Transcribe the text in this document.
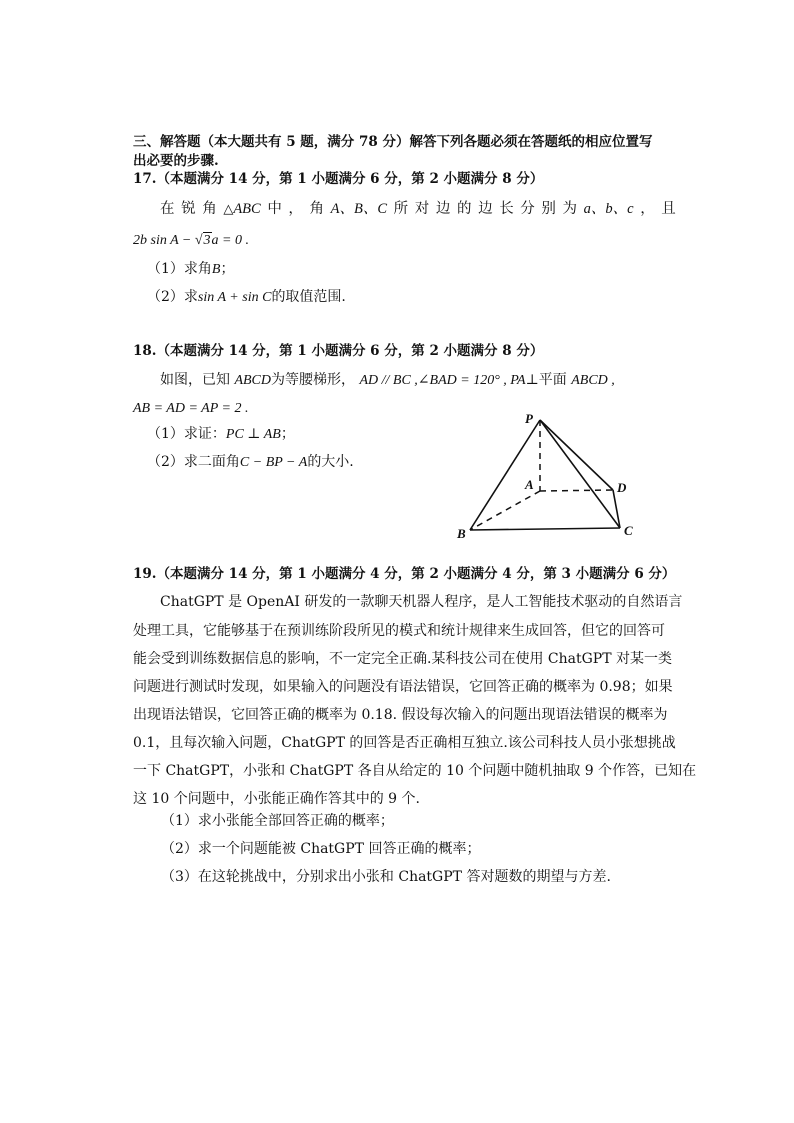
三、解答题（本大题共有 5 题，满分 78 分）解答下列各题必须在答题纸的相应位置写
出必要的步骤.
17.（本题满分 14 分，第 1 小题满分 6 分，第 2 小题满分 8 分）
在 锐 角 △ABC 中 ， 角 A、B、C 所 对 边 的 边 长 分 别 为 a、b、c ， 且
2b sin A − √3a = 0 .
（1）求角B；
（2）求sin A + sin C的取值范围.
18.（本题满分 14 分，第 1 小题满分 6 分，第 2 小题满分 8 分）
如图，已知 ABCD为等腰梯形， AD // BC ,∠BAD = 120° , PA⊥平面 ABCD ,
AB = AD = AP = 2 .
（1）求证：PC ⊥ AB；
（2）求二面角C − BP − A的大小.
P
A
B	C
D
19.（本题满分 14 分，第 1 小题满分 4 分，第 2 小题满分 4 分，第 3 小题满分 6 分）
ChatGPT 是 OpenAI 研发的一款聊天机器人程序，是人工智能技术驱动的自然语言
处理工具，它能够基于在预训练阶段所见的模式和统计规律来生成回答，但它的回答可
能会受到训练数据信息的影响，不一定完全正确.某科技公司在使用 ChatGPT 对某一类
问题进行测试时发现，如果输入的问题没有语法错误，它回答正确的概率为 0.98；如果
出现语法错误，它回答正确的概率为 0.18. 假设每次输入的问题出现语法错误的概率为
0.1，且每次输入问题，ChatGPT 的回答是否正确相互独立.该公司科技人员小张想挑战
一下 ChatGPT，小张和 ChatGPT 各自从给定的 10 个问题中随机抽取 9 个作答，已知在
这 10 个问题中，小张能正确作答其中的 9 个.
（1）求小张能全部回答正确的概率；
（2）求一个问题能被 ChatGPT 回答正确的概率；
（3）在这轮挑战中，分别求出小张和 ChatGPT 答对题数的期望与方差.
